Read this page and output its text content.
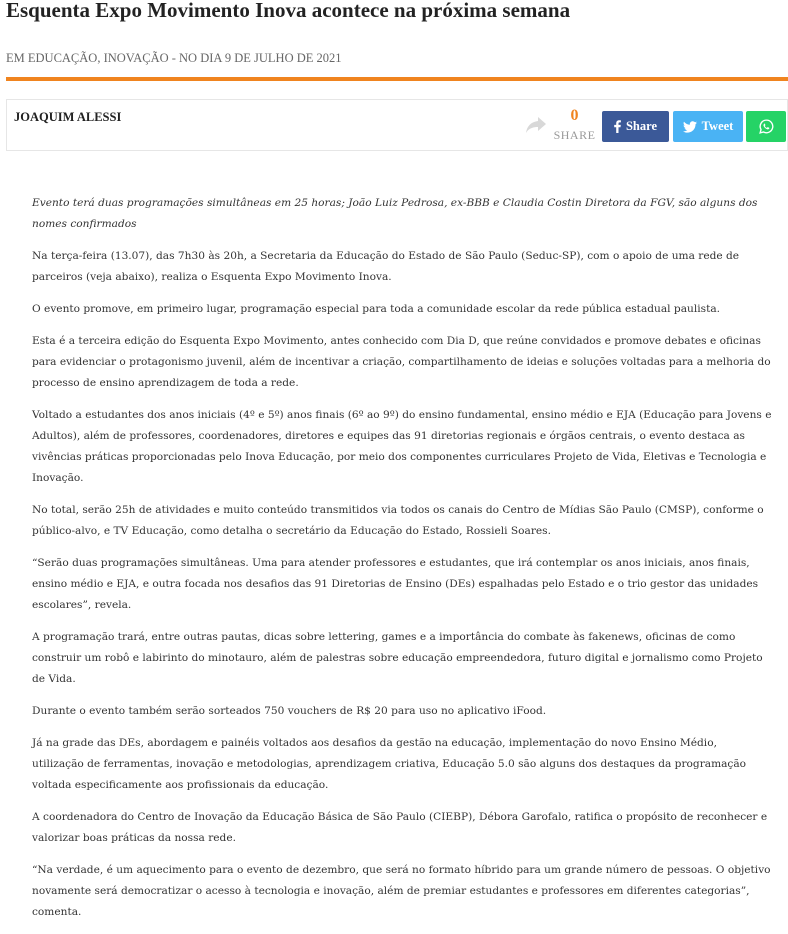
Esquenta Expo Movimento Inova acontece na próxima semana
EM EDUCAÇÃO, INOVAÇÃO - NO DIA 9 DE JULHO DE 2021
JOAQUIM ALESSI	0
SHARE
Share	Tweet

Evento terá duas programações simultâneas em 25 horas; João Luiz Pedrosa, ex-BBB e Claudia Costin Diretora da FGV, são alguns dos nomes confirmados

Na terça-feira (13.07), das 7h30 às 20h, a Secretaria da Educação do Estado de São Paulo (Seduc-SP), com o apoio de uma rede de parceiros (veja abaixo), realiza o Esquenta Expo Movimento Inova.

O evento promove, em primeiro lugar, programação especial para toda a comunidade escolar da rede pública estadual paulista.

Esta é a terceira edição do Esquenta Expo Movimento, antes conhecido com Dia D, que reúne convidados e promove debates e oficinas para evidenciar o protagonismo juvenil, além de incentivar a criação, compartilhamento de ideias e soluções voltadas para a melhoria do processo de ensino aprendizagem de toda a rede.

Voltado a estudantes dos anos iniciais (4º e 5º) anos finais (6º ao 9º) do ensino fundamental, ensino médio e EJA (Educação para Jovens e Adultos), além de professores, coordenadores, diretores e equipes das 91 diretorias regionais e órgãos centrais, o evento destaca as vivências práticas proporcionadas pelo Inova Educação, por meio dos componentes curriculares Projeto de Vida, Eletivas e Tecnologia e Inovação.

No total, serão 25h de atividades e muito conteúdo transmitidos via todos os canais do Centro de Mídias São Paulo (CMSP), conforme o público-alvo, e TV Educação, como detalha o secretário da Educação do Estado, Rossieli Soares.

“Serão duas programações simultâneas. Uma para atender professores e estudantes, que irá contemplar os anos iniciais, anos finais, ensino médio e EJA, e outra focada nos desafios das 91 Diretorias de Ensino (DEs) espalhadas pelo Estado e o trio gestor das unidades escolares”, revela.

A programação trará, entre outras pautas, dicas sobre lettering, games e a importância do combate às fakenews, oficinas de como construir um robô e labirinto do minotauro, além de palestras sobre educação empreendedora, futuro digital e jornalismo como Projeto de Vida.

Durante o evento também serão sorteados 750 vouchers de R$ 20 para uso no aplicativo iFood.

Já na grade das DEs, abordagem e painéis voltados aos desafios da gestão na educação, implementação do novo Ensino Médio, utilização de ferramentas, inovação e metodologias, aprendizagem criativa, Educação 5.0 são alguns dos destaques da programação voltada especificamente aos profissionais da educação.

A coordenadora do Centro de Inovação da Educação Básica de São Paulo (CIEBP), Débora Garofalo, ratifica o propósito de reconhecer e valorizar boas práticas da nossa rede.

“Na verdade, é um aquecimento para o evento de dezembro, que será no formato híbrido para um grande número de pessoas. O objetivo novamente será democratizar o acesso à tecnologia e inovação, além de premiar estudantes e professores em diferentes categorias”, comenta.
